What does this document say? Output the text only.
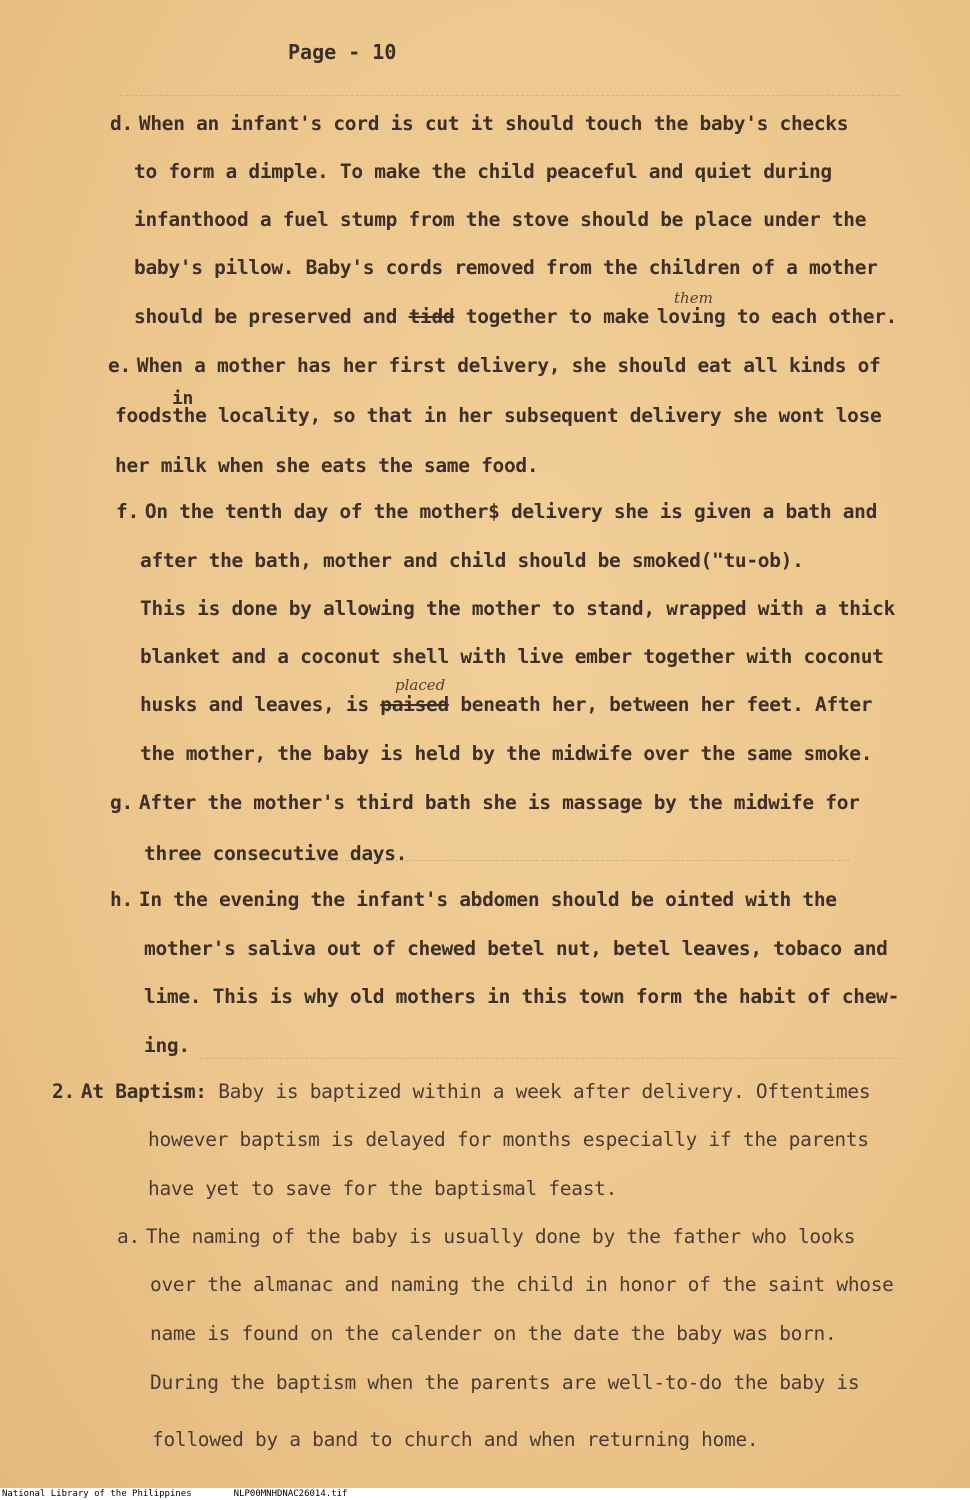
Page - 10
d. When an infant's cord is cut it should touch the baby's checks
to form a dimple. To make the child peaceful and quiet during
infanthood a fuel stump from the stove should be place under the
baby's pillow. Baby's cords removed from the children of a mother
should be preserved and tidd together to make loving to each other.
them
e. When a mother has her first delivery, she should eat all kinds of
in
foodsthe locality, so that in her subsequent delivery she wont lose
her milk when she eats the same food.
f. On the tenth day of the mother$ delivery she is given a bath and
after the bath, mother and child should be smoked("tu-ob).
This is done by allowing the mother to stand, wrapped with a thick
blanket and a coconut shell with live ember together with coconut
husks and leaves, is paised beneath her, between her feet. After
placed
the mother, the baby is held by the midwife over the same smoke.
g. After the mother's third bath she is massage by the midwife for
three consecutive days.
h. In the evening the infant's abdomen should be ointed with the
mother's saliva out of chewed betel nut, betel leaves, tobaco and
lime. This is why old mothers in this town form the habit of chew-
ing.
2. At Baptism: Baby is baptized within a week after delivery. Oftentimes
however baptism is delayed for months especially if the parents
have yet to save for the baptismal feast.
a. The naming of the baby is usually done by the father who looks
over the almanac and naming the child in honor of the saint whose
name is found on the calender on the date the baby was born.
During the baptism when the parents are well-to-do the baby is
followed by a band to church and when returning home.
National Library of the Philippines	NLP00MNHDNAC26014.tif
